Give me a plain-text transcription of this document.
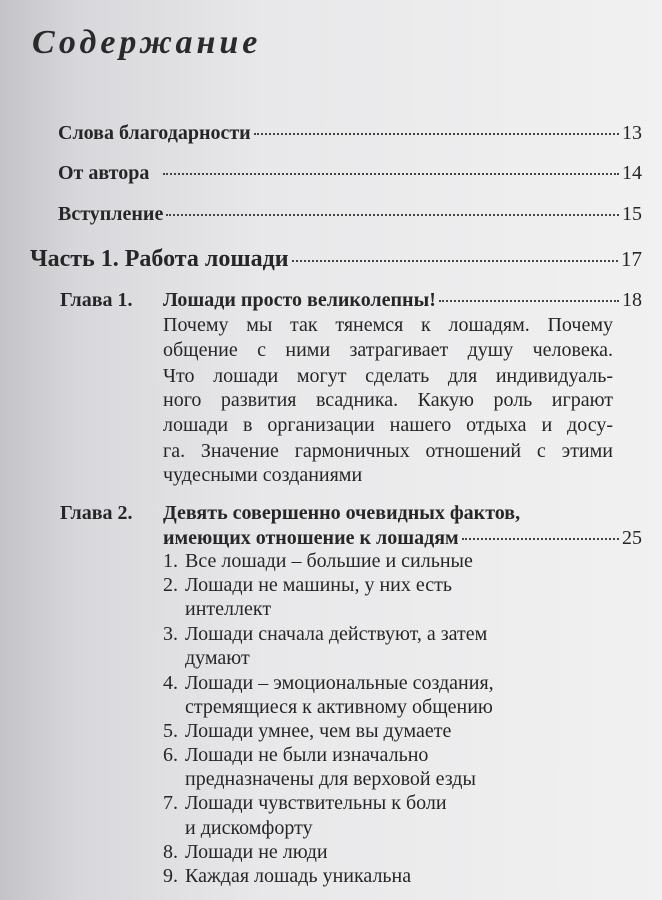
Содержание
Слова благодарности	13
От автора	14
Вступление	15
Часть 1. Работа лошади	17
Глава 1. Лошади просто великолепны!	18
Почему мы так тянемся к лошадям. Почему
общение с ними затрагивает душу человека.
Что лошади могут сделать для индивидуаль-
ного развития всадника. Какую роль играют
лошади в организации нашего отдыха и досу-
га. Значение гармоничных отношений с этими
чудесными созданиями
Глава 2. Девять совершенно очевидных фактов,
имеющих отношение к лошадям	25
1. Все лошади – большие и сильные
2. Лошади не машины, у них есть
интеллект
3. Лошади сначала действуют, а затем
думают
4. Лошади – эмоциональные создания,
стремящиеся к активному общению
5. Лошади умнее, чем вы думаете
6. Лошади не были изначально
предназначены для верховой езды
7. Лошади чувствительны к боли
и дискомфорту
8. Лошади не люди
9. Каждая лошадь уникальна
